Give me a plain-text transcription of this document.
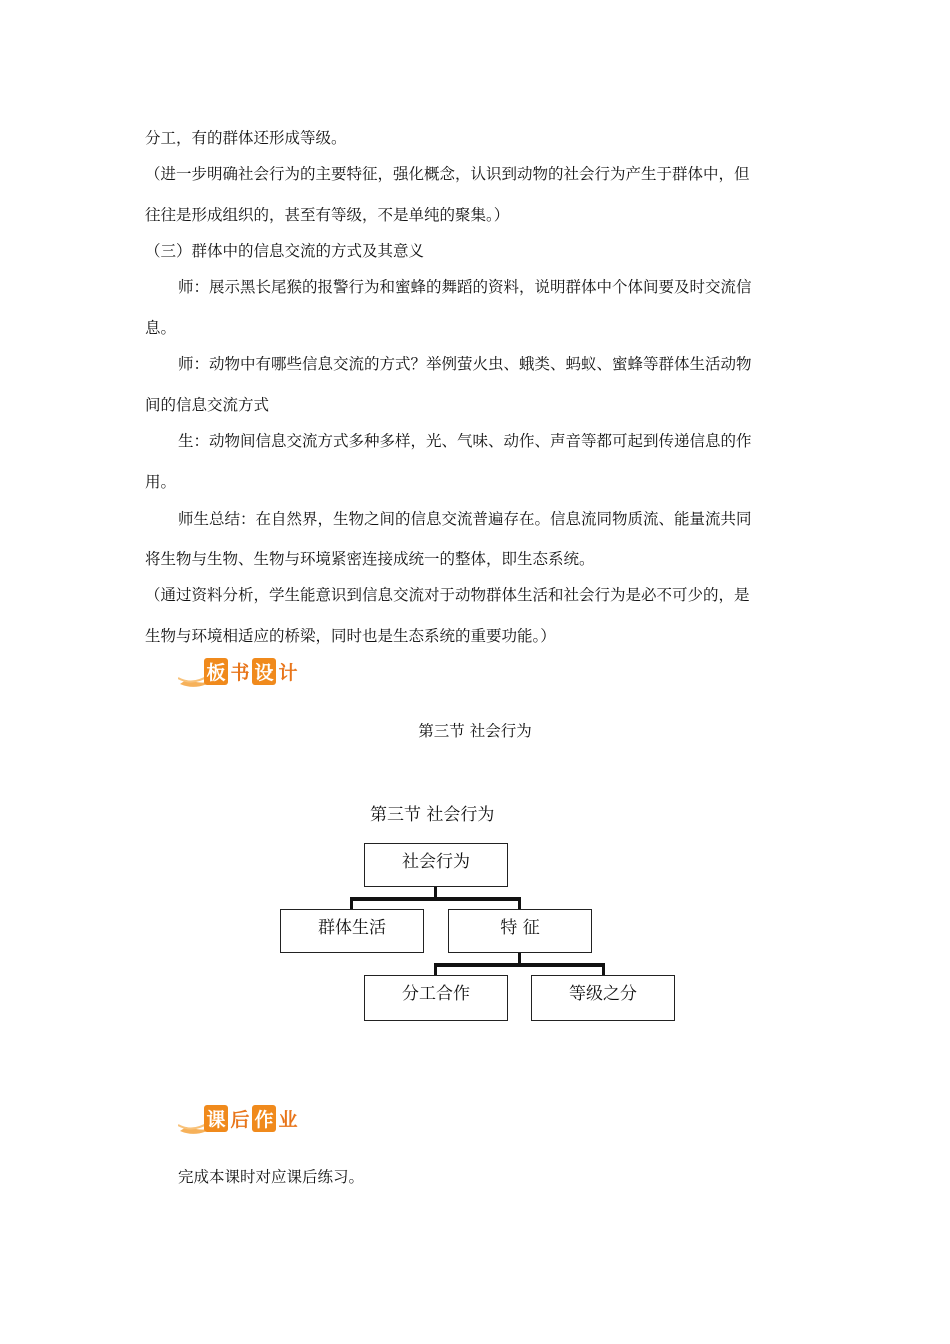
分工，有的群体还形成等级。

（进一步明确社会行为的主要特征，强化概念，认识到动物的社会行为产生于群体中，但

往往是形成组织的，甚至有等级，不是单纯的聚集。）

（三）群体中的信息交流的方式及其意义

师：展示黑长尾猴的报警行为和蜜蜂的舞蹈的资料，说明群体中个体间要及时交流信

息。

师：动物中有哪些信息交流的方式？举例萤火虫、蛾类、蚂蚁、蜜蜂等群体生活动物

间的信息交流方式

生：动物间信息交流方式多种多样，光、气味、动作、声音等都可起到传递信息的作

用。

师生总结：在自然界，生物之间的信息交流普遍存在。信息流同物质流、能量流共同

将生物与生物、生物与环境紧密连接成统一的整体，即生态系统。

（通过资料分析，学生能意识到信息交流对于动物群体生活和社会行为是必不可少的，是

生物与环境相适应的桥梁，同时也是生态系统的重要功能。）

板 书 设 计
第三节 社会行为
第三节 社会行为
社会行为
群体生活	特 征
分工合作	等级之分
课 后 作 业

完成本课时对应课后练习。
